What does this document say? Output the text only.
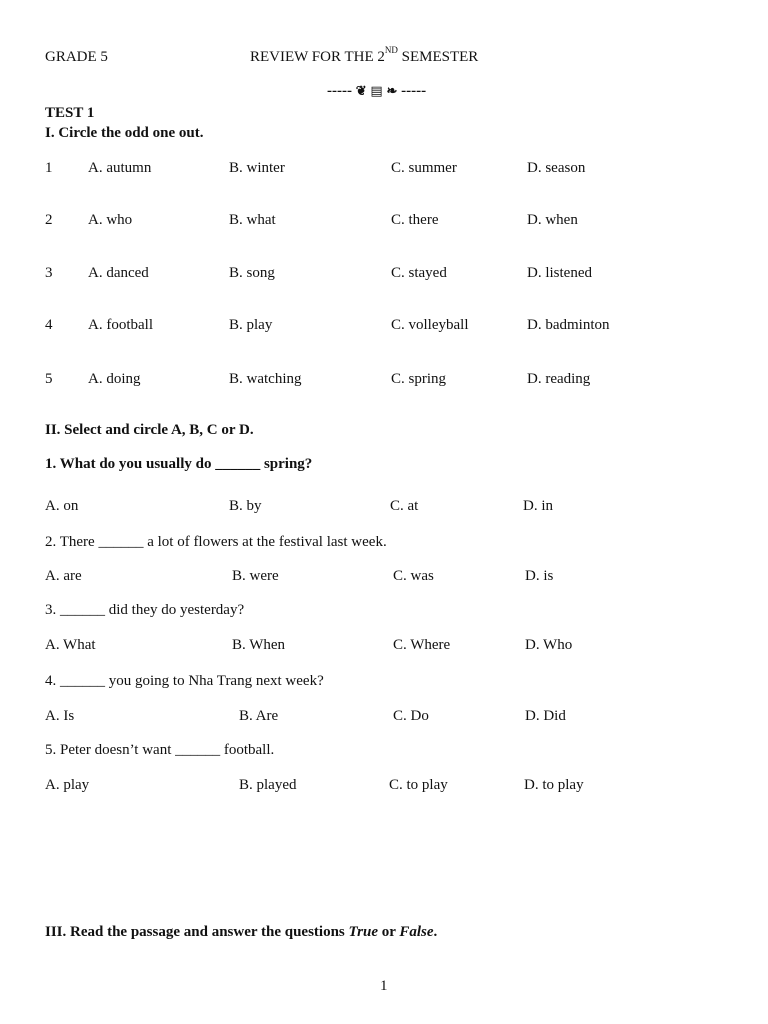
GRADE 5	REVIEW FOR THE 2ND SEMESTER
----- ❦ ▤ ❧ -----
TEST 1
I. Circle the odd one out.
1 A. autumn	B. winter	C. summer	D. season
2 A. who	B. what	C. there	D. when
3 A. danced	B. song	C. stayed	D. listened
4 A. football	B. play	C. volleyball	D. badminton
5 A. doing	B. watching	C. spring	D. reading
II. Select and circle A, B, C or D.
1. What do you usually do ______ spring?
A. on	B. by	C. at	D. in
2. There ______ a lot of flowers at the festival last week.
A. are	B. were	C. was	D. is
3. ______ did they do yesterday?
A. What	B. When	C. Where	D. Who
4. ______ you going to Nha Trang next week?
A. Is	B. Are	C. Do	D. Did
5. Peter doesn’t want ______ football.
A. play	B. played	C. to play	D. to play
III. Read the passage and answer the questions True or False.
1
